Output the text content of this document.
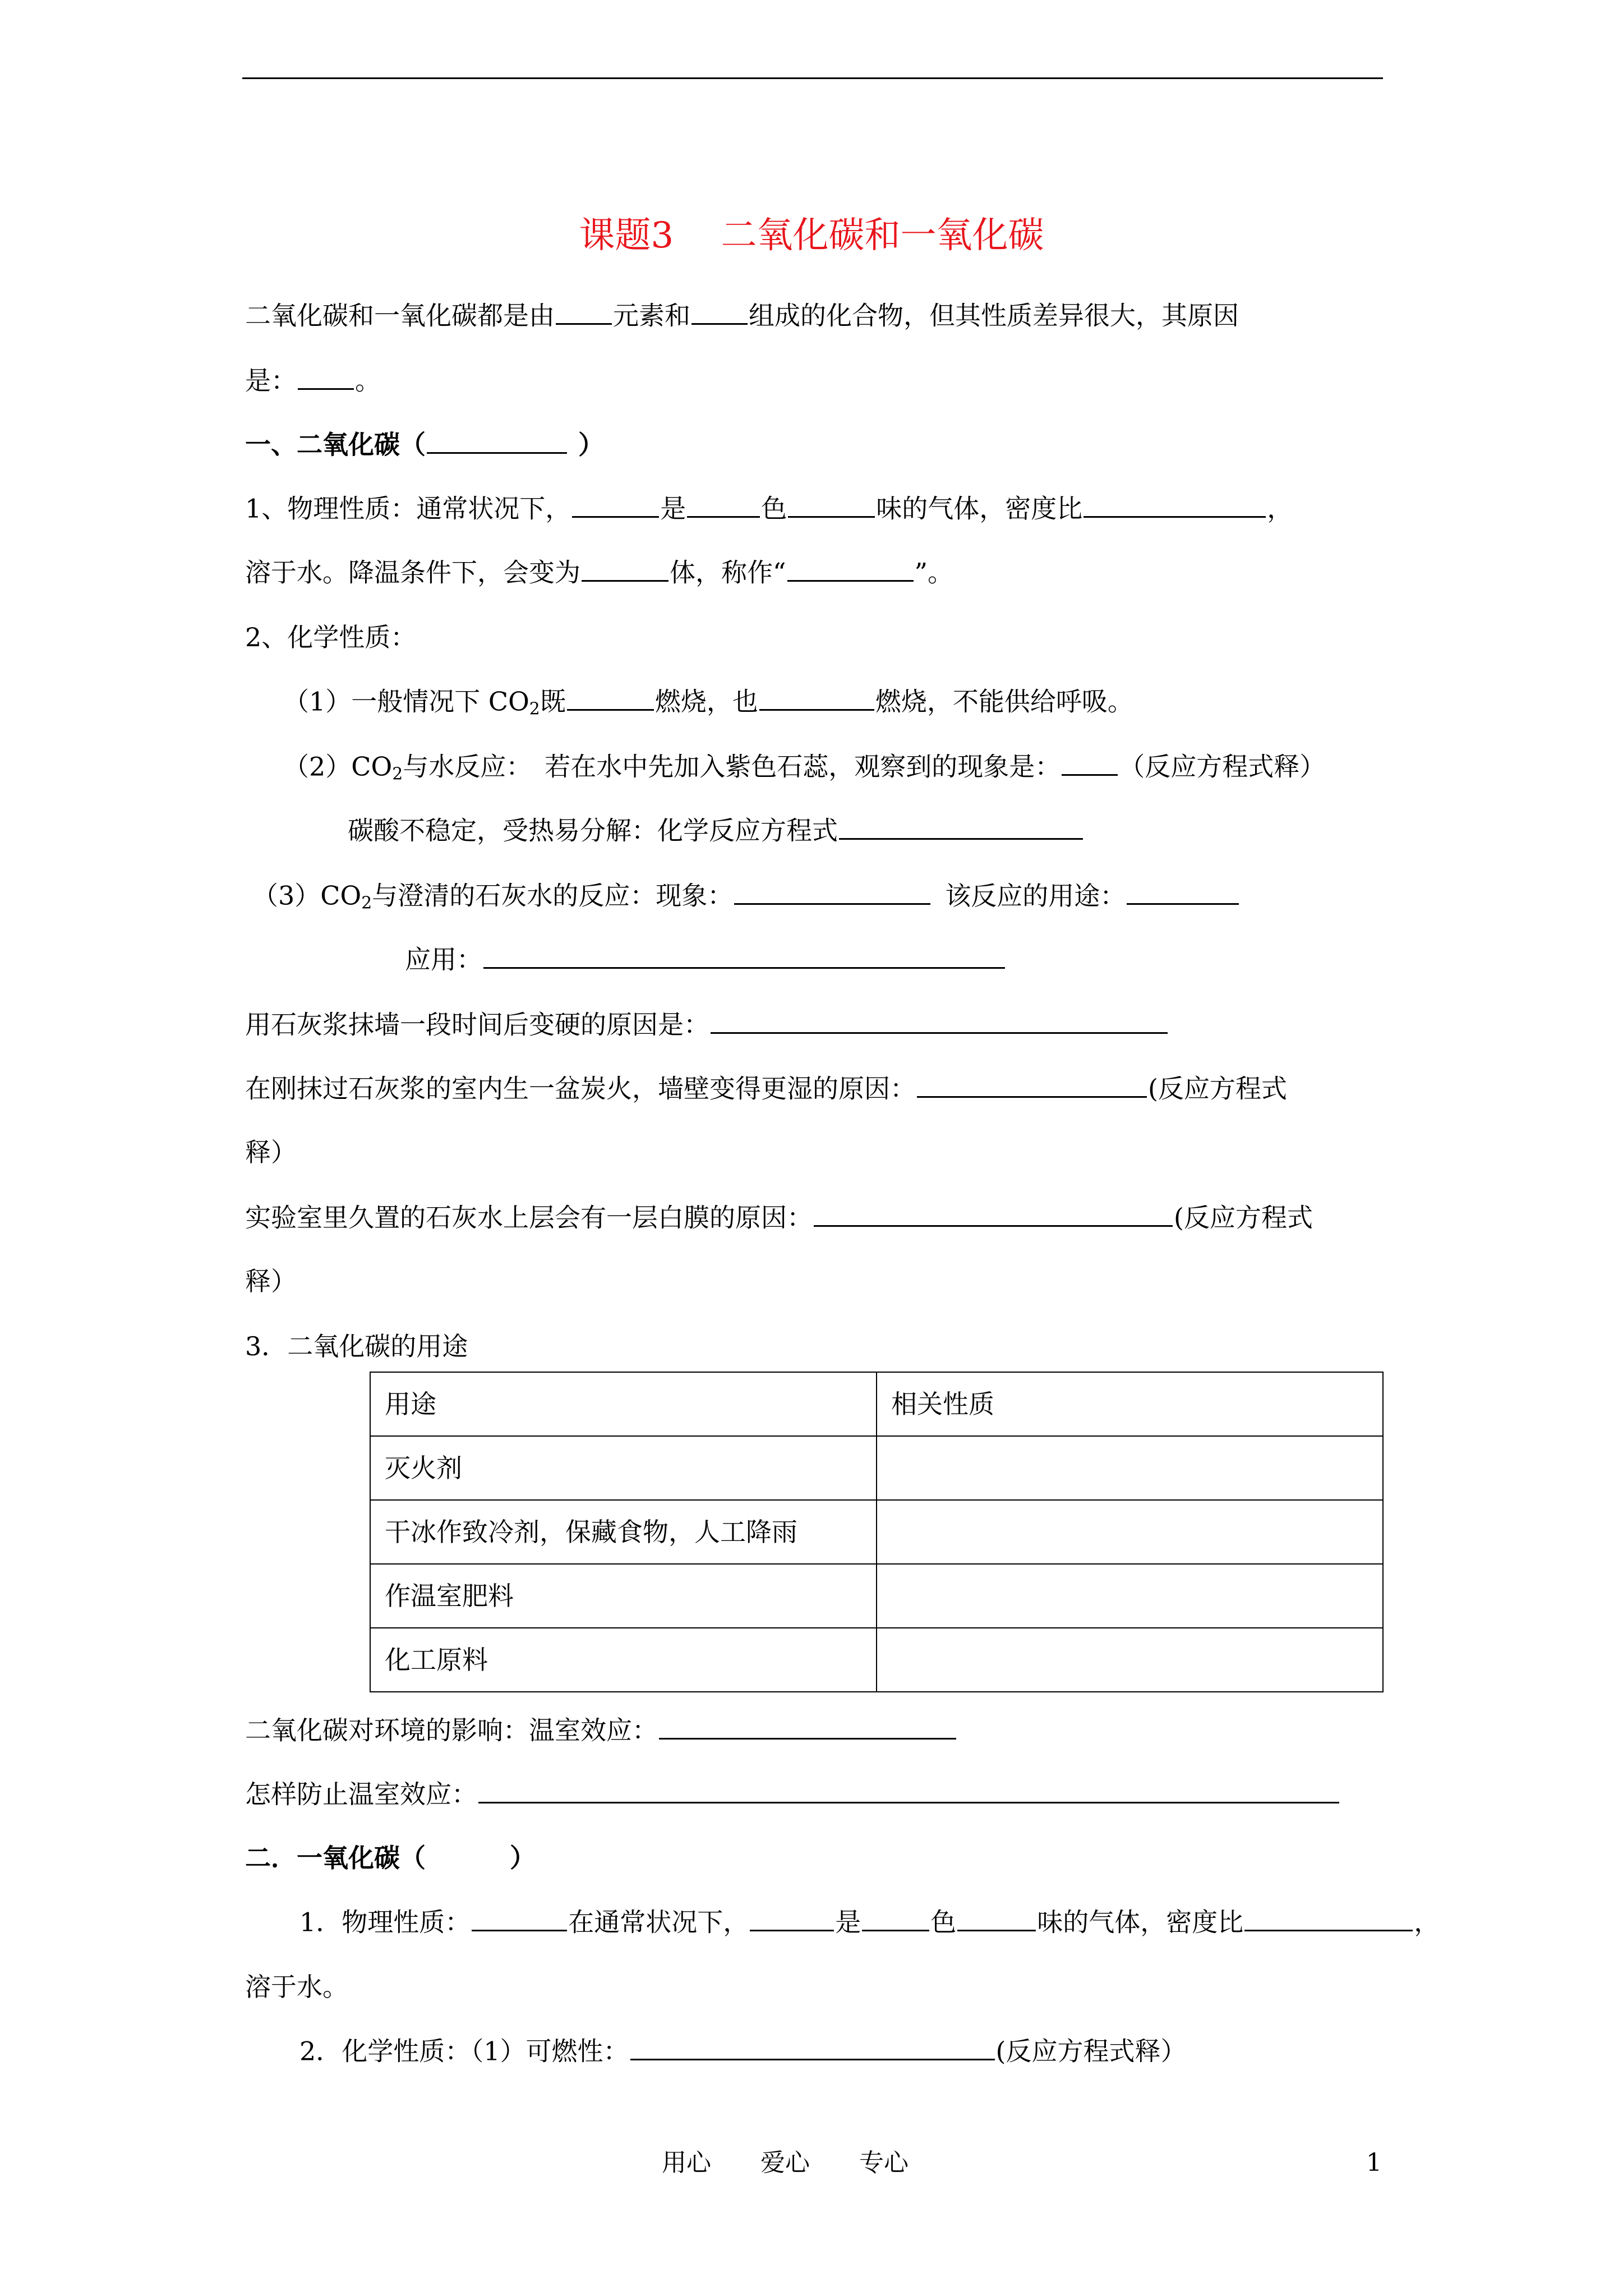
课题3　 二氧化碳和一氧化碳
二氧化碳和一氧化碳都是由 元素和 组成的化合物，但其性质差异很大，其原因
是： 。
一、二氧化碳（	）
1、物理性质：通常状况下，	是	色	味的气体，密度比	，
溶于水。降温条件下，会变为	体，称作“	”。
2、化学性质：
（1）一般情况下 $CO_2$既	燃烧，也	燃烧，不能供给呼吸。
$(2)CO_2$与水反应：　若在水中先加入紫色石蕊，观察到的现象是： （反应方程式释）
碳酸不稳定，受热易分解：化学反应方程式
$(3)CO_2$与澄清的石灰水的反应：现象：	该反应的用途：
应用：
用石灰浆抹墙一段时间后变硬的原因是：
在刚抹过石灰浆的室内生一盆炭火，墙壁变得更湿的原因：	(反应方程式
释）
实验室里久置的石灰水上层会有一层白膜的原因：	(反应方程式
释）
3．二氧化碳的用途
用途	相关性质
灭火剂	
干冰作致冷剂，保藏食物，人工降雨	
作温室肥料	
化工原料	
二氧化碳对环境的影响：温室效应：
怎样防止温室效应：
二．一氧化碳（	）
1．物理性质：	在通常状况下，	是	色	味的气体，密度比	，
溶于水。
2．化学性质：（1）可燃性：	(反应方程式释）
用心　　爱心　　专心	1
